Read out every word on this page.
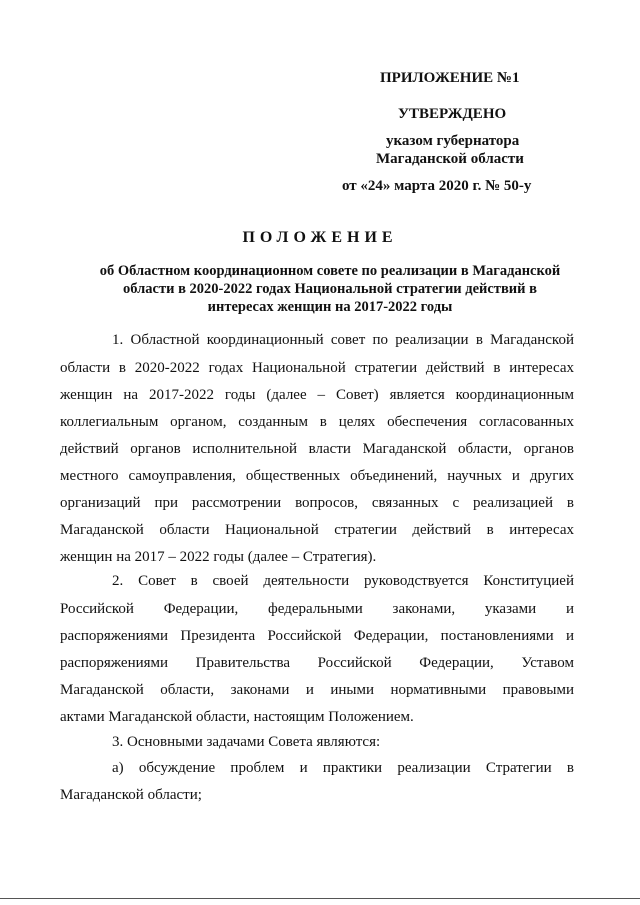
ПРИЛОЖЕНИЕ №1
УТВЕРЖДЕНО
указом губернатора
Магаданской области
от «24» марта 2020 г. № 50-у
ПОЛОЖЕНИЕ
об Областном координационном совете по реализации в Магаданской
области в 2020-2022 годах Национальной стратегии действий в
интересах женщин на 2017-2022 годы
1. Областной координационный совет по реализации в Магаданской
области в 2020-2022 годах Национальной стратегии действий в интересах
женщин на 2017-2022 годы (далее – Совет) является координационным
коллегиальным органом, созданным в целях обеспечения согласованных
действий органов исполнительной власти Магаданской области, органов
местного самоуправления, общественных объединений, научных и других
организаций при рассмотрении вопросов, связанных с реализацией в
Магаданской области Национальной стратегии действий в интересах
женщин на 2017 – 2022 годы (далее – Стратегия).
2. Совет в своей деятельности руководствуется Конституцией
Российской Федерации, федеральными законами, указами и
распоряжениями Президента Российской Федерации, постановлениями и
распоряжениями Правительства Российской Федерации, Уставом
Магаданской области, законами и иными нормативными правовыми
актами Магаданской области, настоящим Положением.
3. Основными задачами Совета являются:
а) обсуждение проблем и практики реализации Стратегии в
Магаданской области;
